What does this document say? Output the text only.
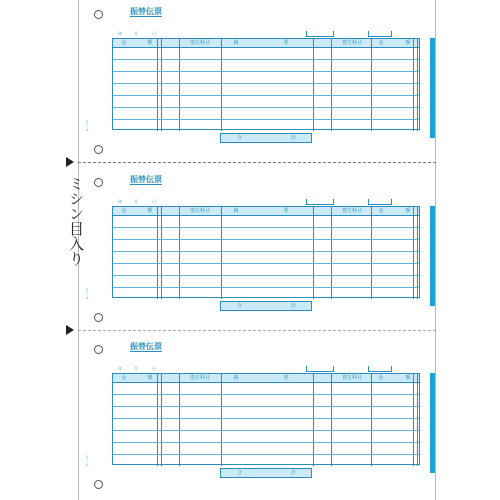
ミシン目入り
振替伝票
年	月	日
リース
金	額	借方科目	摘	要	貸方科目	金	額
合	計
振替伝票
年	月	日
リース
金	額	借方科目	摘	要	貸方科目	金	額
合	計
振替伝票
年	月	日
リース
金	額	借方科目	摘	要	貸方科目	金	額
合	計
